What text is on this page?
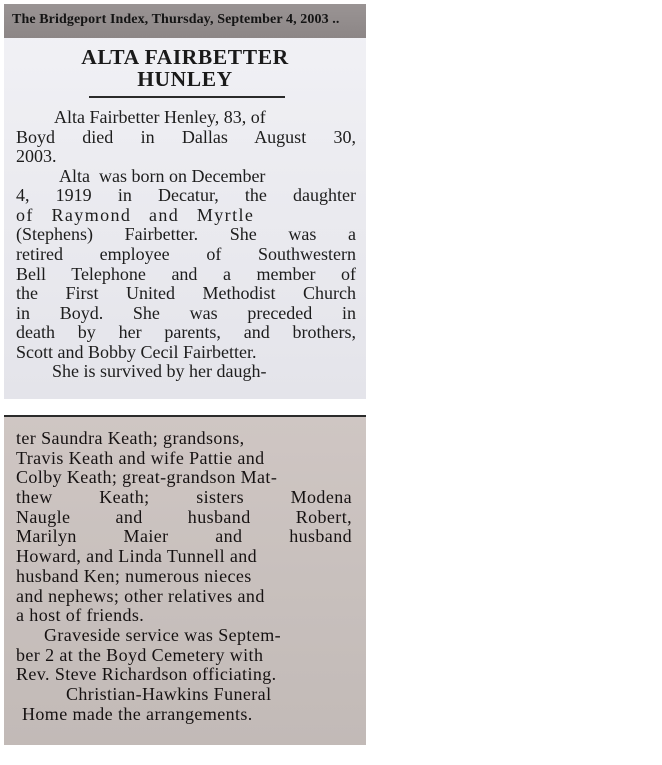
The Bridgeport Index, Thursday, September 4, 2003 ..
ALTA FAIRBETTER
HUNLEY
Alta Fairbetter Henley, 83, of
Boyd died in Dallas August 30,
2003.
Alta  was born on December
4, 1919 in Decatur, the daughter
of   Raymond   and   Myrtle
(Stephens) Fairbetter. She was a
retired employee of Southwestern
Bell Telephone and a member of
the First United Methodist Church
in Boyd. She was preceded in
death by her parents, and brothers,
Scott and Bobby Cecil Fairbetter.
She is survived by her daugh-
ter Saundra Keath; grandsons,
Travis Keath and wife Pattie and
Colby Keath; great-grandson Mat-
thew Keath; sisters Modena
Naugle and husband Robert,
Marilyn Maier and husband
Howard, and Linda Tunnell and
husband Ken; numerous nieces
and nephews; other relatives and
a host of friends.
Graveside service was Septem-
ber 2 at the Boyd Cemetery with
Rev. Steve Richardson officiating.
Christian-Hawkins Funeral
Home made the arrangements.
